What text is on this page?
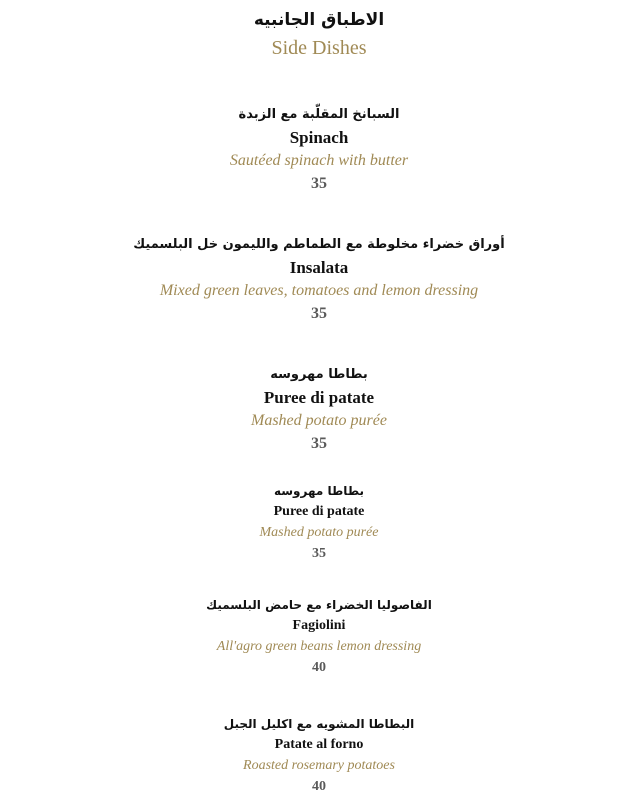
الاطباق الجانبيه
Side Dishes
السبانخ المقلّبة مع الزبدة
Spinach
Sautéed spinach with butter
35
أوراق خضراء مخلوطة مع الطماطم والليمون خل البلسميك
Insalata
Mixed green leaves, tomatoes and lemon dressing
35
بطاطا مهروسه
Puree di patate
Mashed potato purée
35
بطاطا مهروسه
Puree di patate
Mashed potato purée
35
الفاصوليا الخضراء مع حامض البلسميك
Fagiolini
All'agro green beans lemon dressing
40
البطاطا المشويه مع اكليل الجبل
Patate al forno
Roasted rosemary potatoes
40
